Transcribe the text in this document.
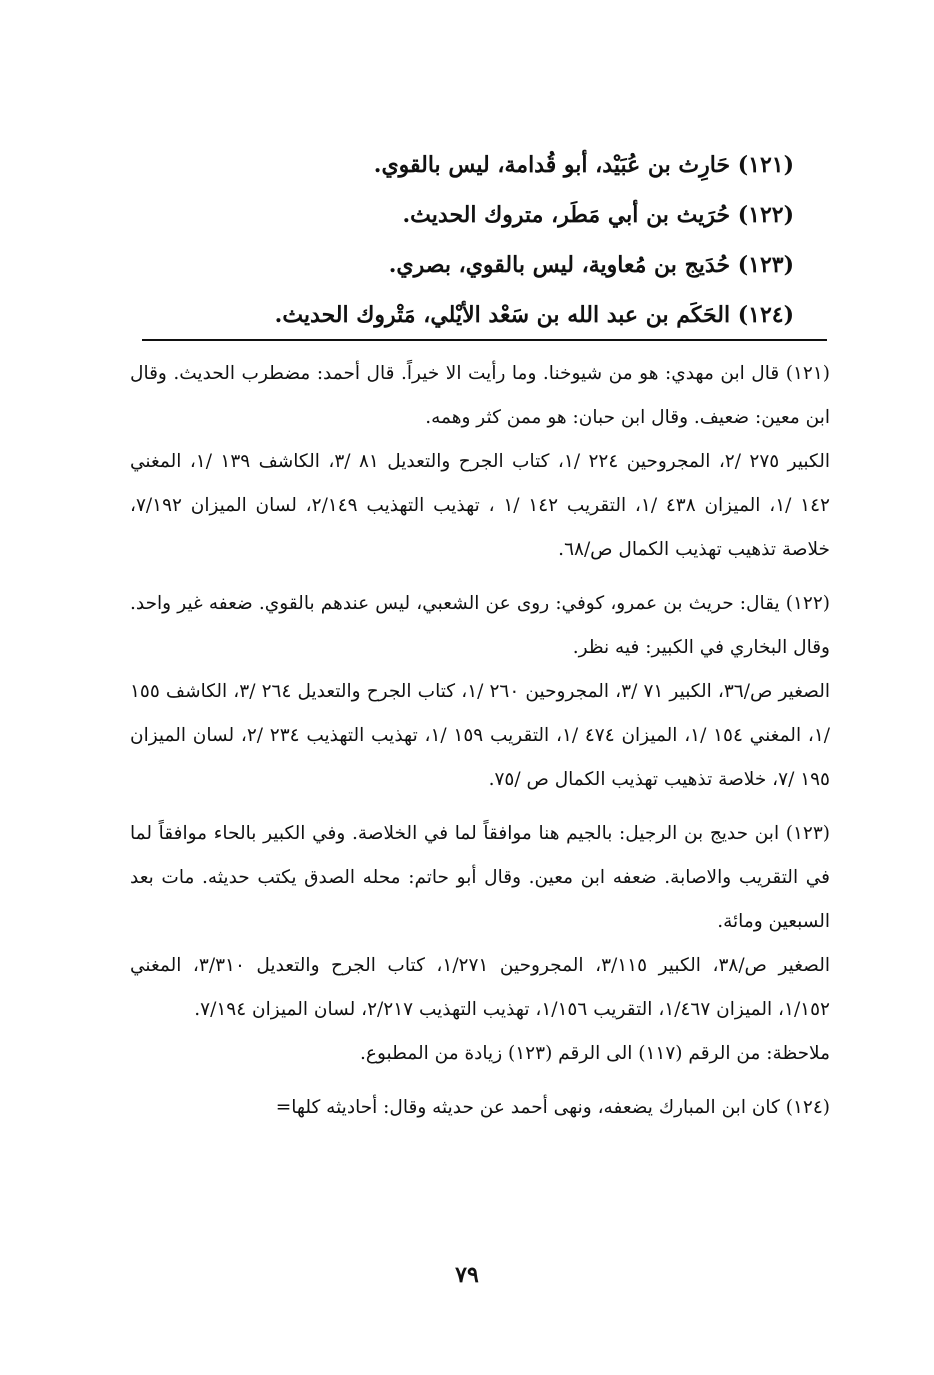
(١٢١) حَارِث بن عُبَيْد، أبو قُدامة، ليس بالقوي.
(١٢٢) حُرَيث بن أبي مَطَر، متروك الحديث.
(١٢٣) حُدَيج بن مُعاوية، ليس بالقوي، بصري.
(١٢٤) الحَكَم بن عبد الله بن سَعْد الأيْلي، مَتْروك الحديث.

(١٢١) قال ابن مهدي: هو من شيوخنا. وما رأيت الا خيراً. قال أحمد: مضطرب الحديث. وقال ابن معين: ضعيف. وقال ابن حبان: هو ممن كثر وهمه.

الكبير ٢٧٥ /٢، المجروحين ٢٢٤ /١، كتاب الجرح والتعديل ٨١ /٣، الكاشف ١٣٩ /١، المغني ١٤٢ /١، الميزان ٤٣٨ /١، التقريب ١٤٢ /١ ، تهذيب التهذيب ٢/١٤٩، لسان الميزان ٧/١٩٢، خلاصة تذهيب تهذيب الكمال ص/٦٨.

(١٢٢) يقال: حريث بن عمرو، كوفي: روى عن الشعبي، ليس عندهم بالقوي. ضعفه غير واحد. وقال البخاري في الكبير: فيه نظر.

الصغير ص/٣٦، الكبير ٧١ /٣، المجروحين ٢٦٠ /١، كتاب الجرح والتعديل ٢٦٤ /٣، الكاشف ١٥٥ /١، المغني ١٥٤ /١، الميزان ٤٧٤ /١، التقريب ١٥٩ /١، تهذيب التهذيب ٢٣٤ /٢، لسان الميزان ١٩٥ /٧، خلاصة تذهيب تهذيب الكمال ص /٧٥.

(١٢٣) ابن حديج بن الرجيل: بالجيم هنا موافقاً لما في الخلاصة. وفي الكبير بالحاء موافقاً لما في التقريب والاصابة. ضعفه ابن معين. وقال أبو حاتم: محله الصدق يكتب حديثه. مات بعد السبعين ومائة.

الصغير ص/٣٨، الكبير ٣/١١٥، المجروحين ١/٢٧١، كتاب الجرح والتعديل ٣/٣١٠، المغني ١/١٥٢، الميزان ١/٤٦٧، التقريب ١/١٥٦، تهذيب التهذيب ٢/٢١٧، لسان الميزان ٧/١٩٤.

ملاحظة: من الرقم (١١٧) الى الرقم (١٢٣) زيادة من المطبوع.

(١٢٤) كان ابن المبارك يضعفه، ونهى أحمد عن حديثه وقال: أحاديثه كلها=

٧٩
